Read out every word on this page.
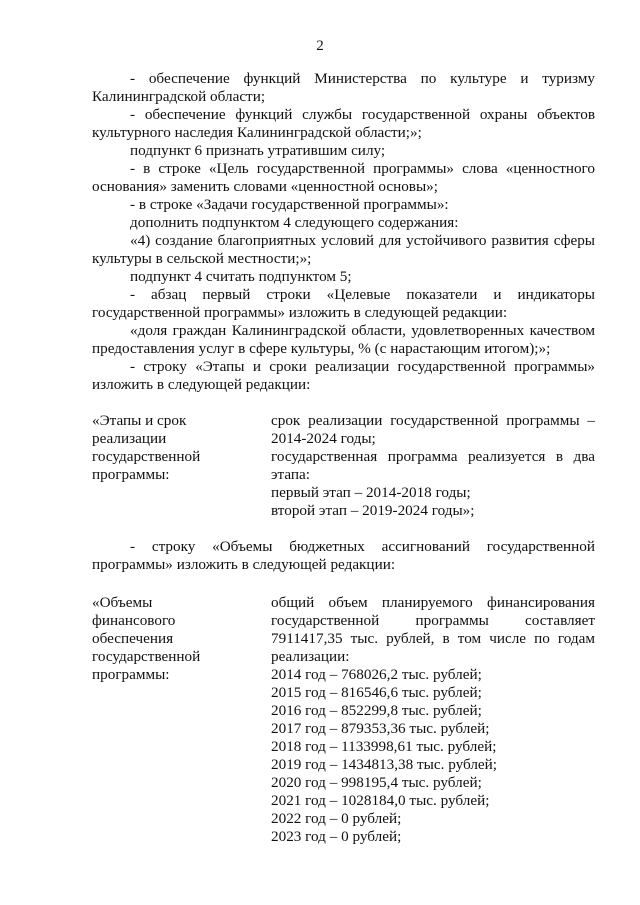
2

- обеспечение функций Министерства по культуре и туризму Калининградской области;

- обеспечение функций службы государственной охраны объектов культурного наследия Калининградской области;»;

подпункт 6 признать утратившим силу;

- в строке «Цель государственной программы» слова «ценностного основания» заменить словами «ценностной основы»;

- в строке «Задачи государственной программы»:

дополнить подпунктом 4 следующего содержания:

«4) создание благоприятных условий для устойчивого развития сферы культуры в сельской местности;»;

подпункт 4 считать подпунктом 5;

- абзац первый строки «Целевые показатели и индикаторы государственной программы» изложить в следующей редакции:

«доля граждан Калининградской области, удовлетворенных качеством предоставления услуг в сфере культуры, % (с нарастающим итогом);»;

- строку «Этапы и сроки реализации государственной программы» изложить в следующей редакции:

«Этапы и срок
реализации
государственной
программы:
срок реализации государственной программы –
2014-2024 годы;
государственная программа реализуется в два
этапа:
первый этап – 2014-2018 годы;
второй этап – 2019-2024 годы»;

- строку «Объемы бюджетных ассигнований государственной программы» изложить в следующей редакции:

«Объемы
финансового
обеспечения
государственной
программы:
общий объем планируемого финансирования
государственной программы составляет
7911417,35 тыс. рублей, в том числе по годам
реализации:
2014 год – 768026,2 тыс. рублей;
2015 год – 816546,6 тыс. рублей;
2016 год – 852299,8 тыс. рублей;
2017 год – 879353,36 тыс. рублей;
2018 год – 1133998,61 тыс. рублей;
2019 год – 1434813,38 тыс. рублей;
2020 год – 998195,4 тыс. рублей;
2021 год – 1028184,0 тыс. рублей;
2022 год – 0 рублей;
2023 год – 0 рублей;
